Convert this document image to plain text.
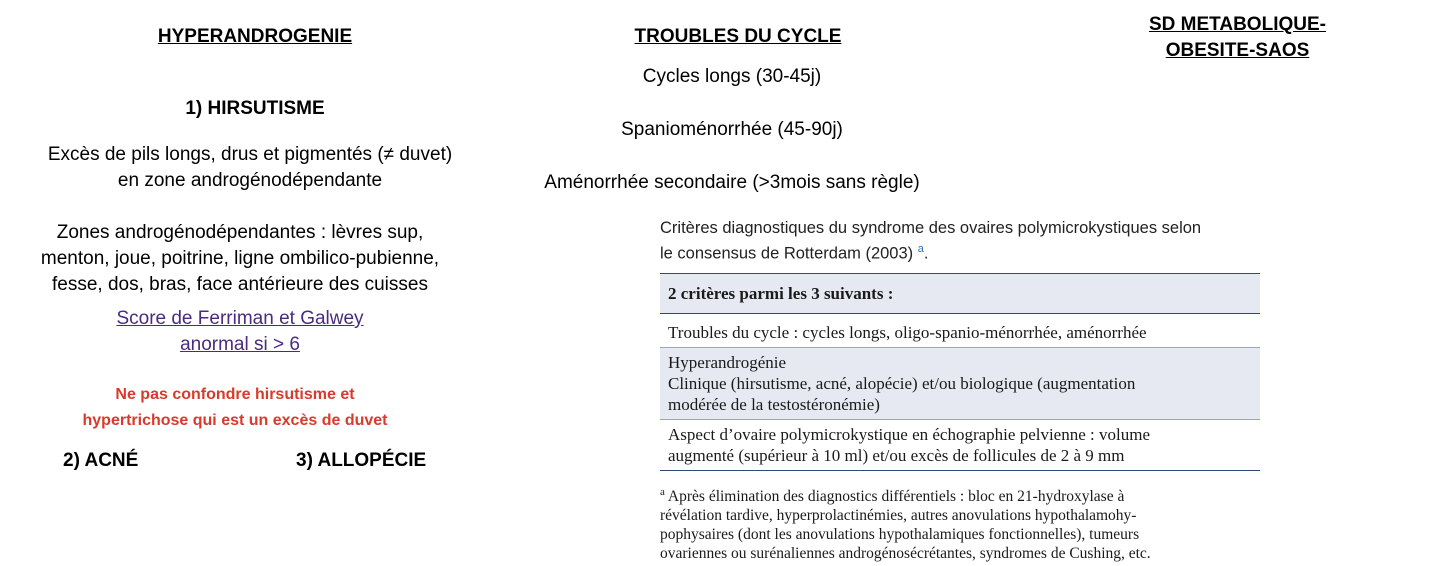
HYPERANDROGENIE
1) HIRSUTISME
Excès de pils longs, drus et pigmentés (≠ duvet)
en zone androgénodépendante
Zones androgénodépendantes : lèvres sup,
menton, joue, poitrine, ligne ombilico-pubienne,
fesse, dos, bras, face antérieure des cuisses
Score de Ferriman et Galwey
anormal si > 6
Ne pas confondre hirsutisme et
hypertrichose qui est un excès de duvet
2) ACNÉ	3) ALLOPÉCIE
TROUBLES DU CYCLE
Cycles longs (30-45j)
Spanioménorrhée (45-90j)
Aménorrhée secondaire (>3mois sans règle)
SD METABOLIQUE-
OBESITE-SAOS
Critères diagnostiques du syndrome des ovaires polymicrokystiques selon
le consensus de Rotterdam (2003) $^a$.
2 critères parmi les 3 suivants :
Troubles du cycle : cycles longs, oligo-spanio-ménorrhée, aménorrhée
Hyperandrogénie
Clinique (hirsutisme, acné, alopécie) et/ou biologique (augmentation
modérée de la testostéronémie)
Aspect d’ovaire polymicrokystique en échographie pelvienne : volume
augmenté (supérieur à 10 ml) et/ou excès de follicules de 2 à 9 mm
$^a$ Après élimination des diagnostics différentiels : bloc en 21-hydroxylase à
révélation tardive, hyperprolactinémies, autres anovulations hypothalamohy-
pophysaires (dont les anovulations hypothalamiques fonctionnelles), tumeurs
ovariennes ou surénaliennes androgénosécrétantes, syndromes de Cushing, etc.
